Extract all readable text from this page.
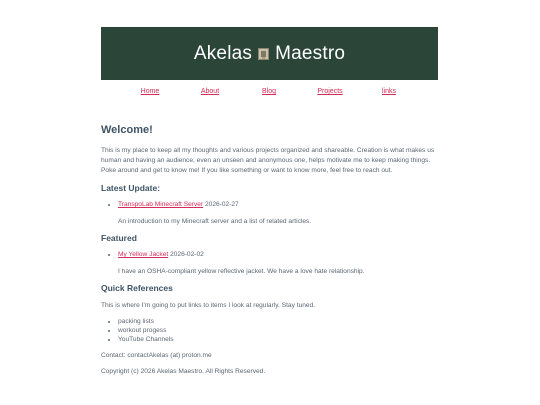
Akelas Maestro
Home	About	Blog	Projects	links
Welcome!

This is my place to keep all my thoughts and various projects organized and shareable. Creation is what makes us human and having an audience, even an unseen and anonymous one, helps motivate me to keep making things. Poke around and get to know me! If you like something or want to know more, feel free to reach out.

Latest Update:
• TranspoLab Minecraft Server 2026-02-27

An introduction to my Minecraft server and a list of related articles.

Featured
• My Yellow Jacket 2026-02-02

I have an OSHA-compliant yellow reflective jacket. We have a love hate relationship.

Quick References

This is where I'm going to put links to items I look at regularly. Stay tuned.

• packing lists
• workout progess
• YouTube Channels

Contact: contactAkelas (at) proton.me

Copyright (c) 2026 Akelas Maestro. All Rights Reserved.
